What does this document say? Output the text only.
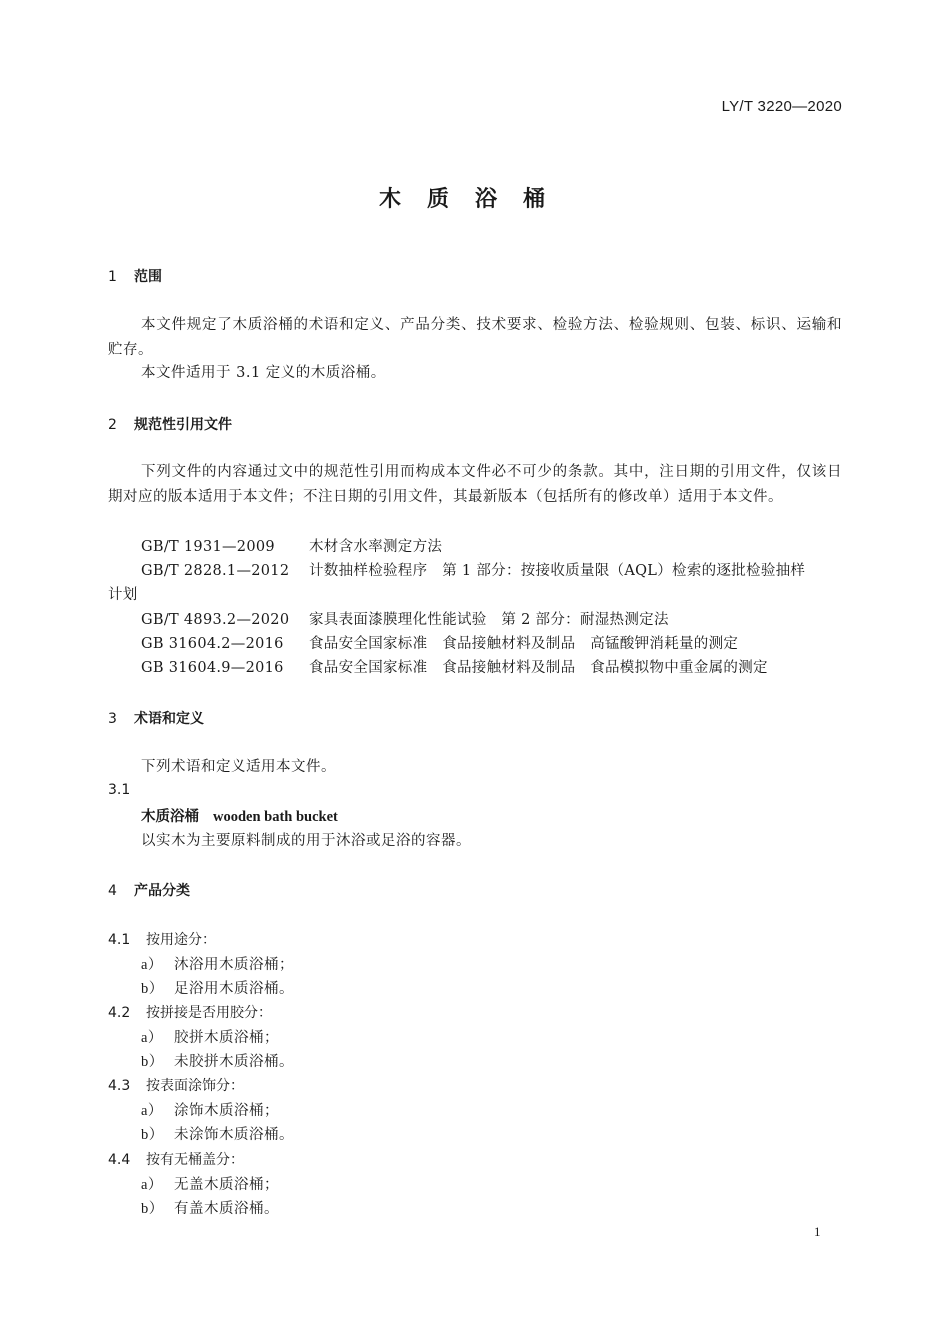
LY/T 3220—2020
木质浴桶
1 范围
本文件规定了木质浴桶的术语和定义、产品分类、技术要求、检验方法、检验规则、包装、标识、运输和贮存。
本文件适用于 3.1 定义的木质浴桶。
2 规范性引用文件
下列文件的内容通过文中的规范性引用而构成本文件必不可少的条款。其中，注日期的引用文件，仅该日期对应的版本适用于本文件；不注日期的引用文件，其最新版本（包括所有的修改单）适用于本文件。
GB/T 1931—2009 木材含水率测定方法
GB/T 2828.1—2012 计数抽样检验程序　第 1 部分：按接收质量限（AQL）检索的逐批检验抽样
计划
GB/T 4893.2—2020 家具表面漆膜理化性能试验　第 2 部分：耐湿热测定法
GB 31604.2—2016 食品安全国家标准　食品接触材料及制品　高锰酸钾消耗量的测定
GB 31604.9—2016 食品安全国家标准　食品接触材料及制品　食品模拟物中重金属的测定
3 术语和定义
下列术语和定义适用本文件。
3.1
木质浴桶 wooden bath bucket
以实木为主要原料制成的用于沐浴或足浴的容器。
4 产品分类
4.1 按用途分：
a） 沐浴用木质浴桶；
b） 足浴用木质浴桶。
4.2 按拼接是否用胶分：
a） 胶拼木质浴桶；
b） 未胶拼木质浴桶。
4.3 按表面涂饰分：
a） 涂饰木质浴桶；
b） 未涂饰木质浴桶。
4.4 按有无桶盖分：
a） 无盖木质浴桶；
b） 有盖木质浴桶。
1
